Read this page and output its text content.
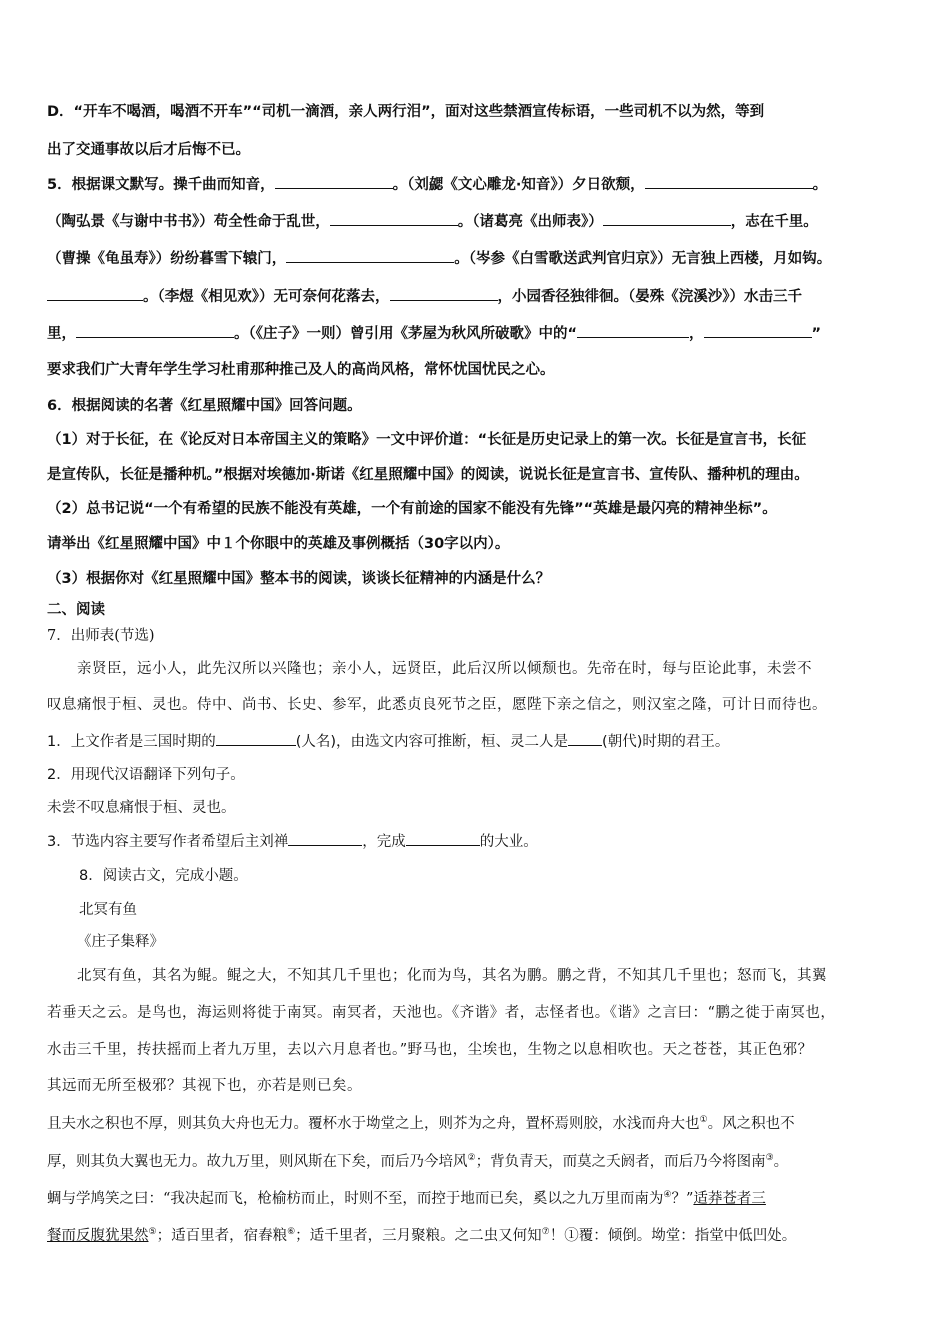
D．“开车不喝酒，喝酒不开车”“司机一滴酒，亲人两行泪”，面对这些禁酒宣传标语，一些司机不以为然，等到
出了交通事故以后才后悔不已。
5．根据课文默写。操千曲而知音，	。（刘勰《文心雕龙·知音》）夕日欲颓，	。
（陶弘景《与谢中书书》）苟全性命于乱世，	。（诸葛亮《出师表》）	，志在千里。
（曹操《龟虽寿》）纷纷暮雪下辕门，	。（岑参《白雪歌送武判官归京》）无言独上西楼，月如钩。
。（李煜《相见欢》）无可奈何花落去，	，小园香径独徘徊。（晏殊《浣溪沙》）水击三千
里，	。（《庄子》一则）曾引用《茅屋为秋风所破歌》中的“	，	”
要求我们广大青年学生学习杜甫那种推己及人的高尚风格，常怀忧国忧民之心。
6．根据阅读的名著《红星照耀中国》回答问题。
（1）对于长征，在《论反对日本帝国主义的策略》一文中评价道：“长征是历史记录上的第一次。长征是宣言书，长征
是宣传队，长征是播种机。”根据对埃德加·斯诺《红星照耀中国》的阅读，说说长征是宣言书、宣传队、播种机的理由。
（2）总书记说“一个有希望的民族不能没有英雄，一个有前途的国家不能没有先锋”“英雄是最闪亮的精神坐标”。
请举出《红星照耀中国》中１个你眼中的英雄及事例概括（30字以内）。
（3）根据你对《红星照耀中国》整本书的阅读，谈谈长征精神的内涵是什么？
二、阅读
7．出师表(节选)
亲贤臣，远小人，此先汉所以兴隆也；亲小人，远贤臣，此后汉所以倾颓也。先帝在时，每与臣论此事，未尝不
叹息痛恨于桓、灵也。侍中、尚书、长史、参军，此悉贞良死节之臣，愿陛下亲之信之，则汉室之隆，可计日而待也。
1．上文作者是三国时期的	(人名)，由选文内容可推断，桓、灵二人是 (朝代)时期的君王。
2．用现代汉语翻译下列句子。
未尝不叹息痛恨于桓、灵也。
3．节选内容主要写作者希望后主刘禅	，完成	的大业。
8．阅读古文，完成小题。
北冥有鱼
《庄子集释》
北冥有鱼，其名为鲲。鲲之大，不知其几千里也；化而为鸟，其名为鹏。鹏之背，不知其几千里也；怒而飞，其翼
若垂天之云。是鸟也，海运则将徙于南冥。南冥者，天池也。《齐谐》者，志怪者也。《谐》之言曰：“鹏之徙于南冥也，
水击三千里，抟扶摇而上者九万里，去以六月息者也。”野马也，尘埃也，生物之以息相吹也。天之苍苍，其正色邪？
其远而无所至极邪？其视下也，亦若是则已矣。
且夫水之积也不厚，则其负大舟也无力。覆杯水于坳堂之上，则芥为之舟，置杯焉则胶，水浅而舟大也①。风之积也不
厚，则其负大翼也无力。故九万里，则风斯在下矣，而后乃今培风②；背负青天，而莫之夭阏者，而后乃今将图南③。
蜩与学鸠笑之曰：“我决起而飞，枪榆枋而止，时则不至，而控于地而已矣，奚以之九万里而南为④？”适莽苍者三
餐而反腹犹果然⑤；适百里者，宿舂粮⑥；适千里者，三月聚粮。之二虫又何知⑦！①覆：倾倒。坳堂：指堂中低凹处。
